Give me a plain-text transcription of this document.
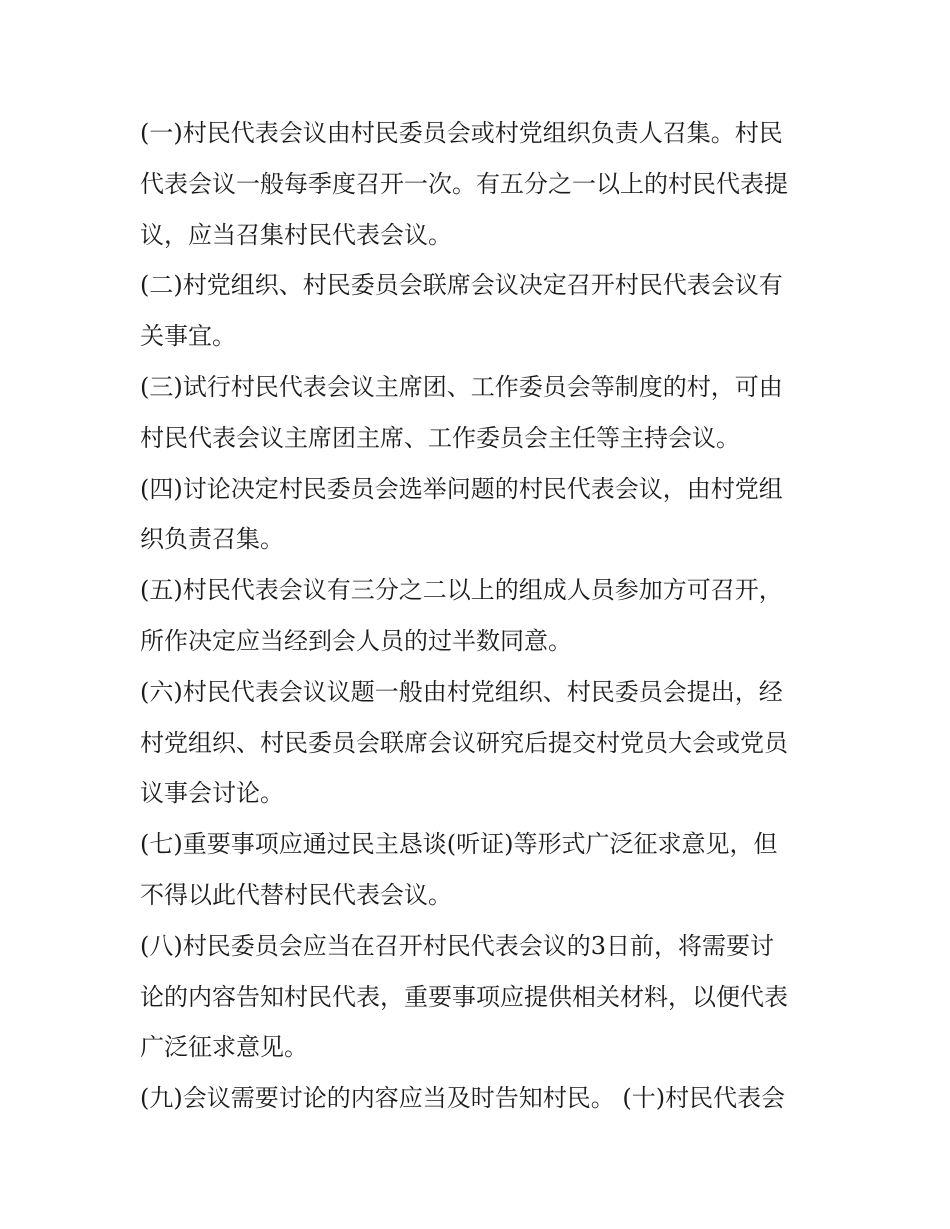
(一)村民代表会议由村民委员会或村党组织负责人召集。村民
代表会议一般每季度召开一次。有五分之一以上的村民代表提
议，应当召集村民代表会议。
(二)村党组织、村民委员会联席会议决定召开村民代表会议有
关事宜。
(三)试行村民代表会议主席团、工作委员会等制度的村，可由
村民代表会议主席团主席、工作委员会主任等主持会议。
(四)讨论决定村民委员会选举问题的村民代表会议，由村党组
织负责召集。
(五)村民代表会议有三分之二以上的组成人员参加方可召开，
所作决定应当经到会人员的过半数同意。
(六)村民代表会议议题一般由村党组织、村民委员会提出，经
村党组织、村民委员会联席会议研究后提交村党员大会或党员
议事会讨论。
(七)重要事项应通过民主恳谈(听证)等形式广泛征求意见，但
不得以此代替村民代表会议。
(八)村民委员会应当在召开村民代表会议的3日前，将需要讨
论的内容告知村民代表，重要事项应提供相关材料，以便代表
广泛征求意见。
(九)会议需要讨论的内容应当及时告知村民。 (十)村民代表会
